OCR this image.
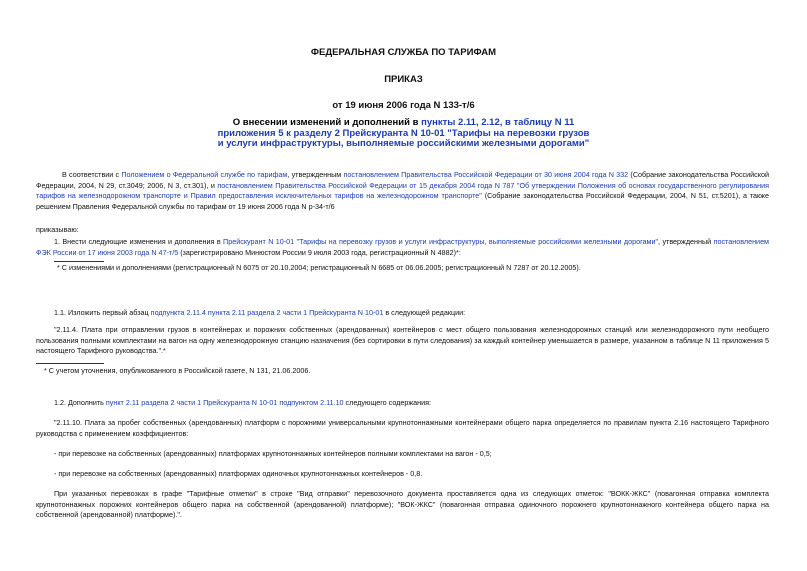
ФЕДЕРАЛЬНАЯ СЛУЖБА ПО ТАРИФАМ
ПРИКАЗ
от 19 июня 2006 года N 133-т/6
О внесении изменений и дополнений в пункты 2.11, 2.12, в таблицу N 11
приложения 5 к разделу 2 Прейскуранта N 10-01 "Тарифы на перевозки грузов
и услуги инфраструктуры, выполняемые российскими железными дорогами"
В соответствии с Положением о Федеральной службе по тарифам, утвержденным постановлением Правительства Российской Федерации от 30 июня 2004 года N 332 (Собрание законодательства Российской Федерации, 2004, N 29, ст.3049; 2006, N 3, ст.301), и постановлением Правительства Российской Федерации от 15 декабря 2004 года N 787 "Об утверждении Положения об основах государственного регулирования тарифов на железнодорожном транспорте и Правил предоставления исключительных тарифов на железнодорожном транспорте" (Собрание законодательства Российской Федерации, 2004, N 51, ст.5201), а также решением Правления Федеральной службы по тарифам от 19 июня 2006 года N р-34-т/6
приказываю:
1. Внести следующие изменения и дополнения в Прейскурант N 10-01 "Тарифы на перевозку грузов и услуги инфраструктуры, выполняемые российскими железными дорогами", утвержденный постановлением ФЭК России от 17 июня 2003 года N 47-т/5 (зарегистрировано Минюстом России 9 июля 2003 года, регистрационный N 4882)*:
* С изменениями и дополнениями (регистрационный N 6075 от 20.10.2004; регистрационный N 6685 от 06.06.2005; регистрационный N 7287 от 20.12.2005).
1.1. Изложить первый абзац подпункта 2.11.4 пункта 2.11 раздела 2 части 1 Прейскуранта N 10-01 в следующей редакции:
"2.11.4. Плата при отправлении грузов в контейнерах и порожних собственных (арендованных) контейнеров с мест общего пользования железнодорожных станций или железнодорожного пути необщего пользования полными комплектами на вагон на одну железнодорожную станцию назначения (без сортировки в пути следования) за каждый контейнер уменьшается в размере, указанном в таблице N 11 приложения 5 настоящего Тарифного руководства.".*
* С учетом уточнения, опубликованного в Российской газете, N 131, 21.06.2006.
1.2. Дополнить пункт 2.11 раздела 2 части 1 Прейскуранта N 10-01 подпунктом 2.11.10 следующего содержания:
"2.11.10. Плата за пробег собственных (арендованных) платформ с порожними универсальными крупнотоннажными контейнерами общего парка определяется по правилам пункта 2.16 настоящего Тарифного руководства с применением коэффициентов:
- при перевозке на собственных (арендованных) платформах крупнотоннажных контейнеров полными комплектами на вагон - 0,5;
- при перевозке на собственных (арендованных) платформах одиночных крупнотоннажных контейнеров - 0,8.
При указанных перевозках в графе "Тарифные отметки" в строке "Вид отправки" перевозочного документа проставляется одна из следующих отметок: "ВОКК-ЖКС" (повагонная отправка комплекта крупнотоннажных порожних контейнеров общего парка на собственной (арендованной) платформе); "ВОК-ЖКС" (повагонная отправка одиночного порожнего крупнотоннажного контейнера общего парка на собственной (арендованной) платформе).".
